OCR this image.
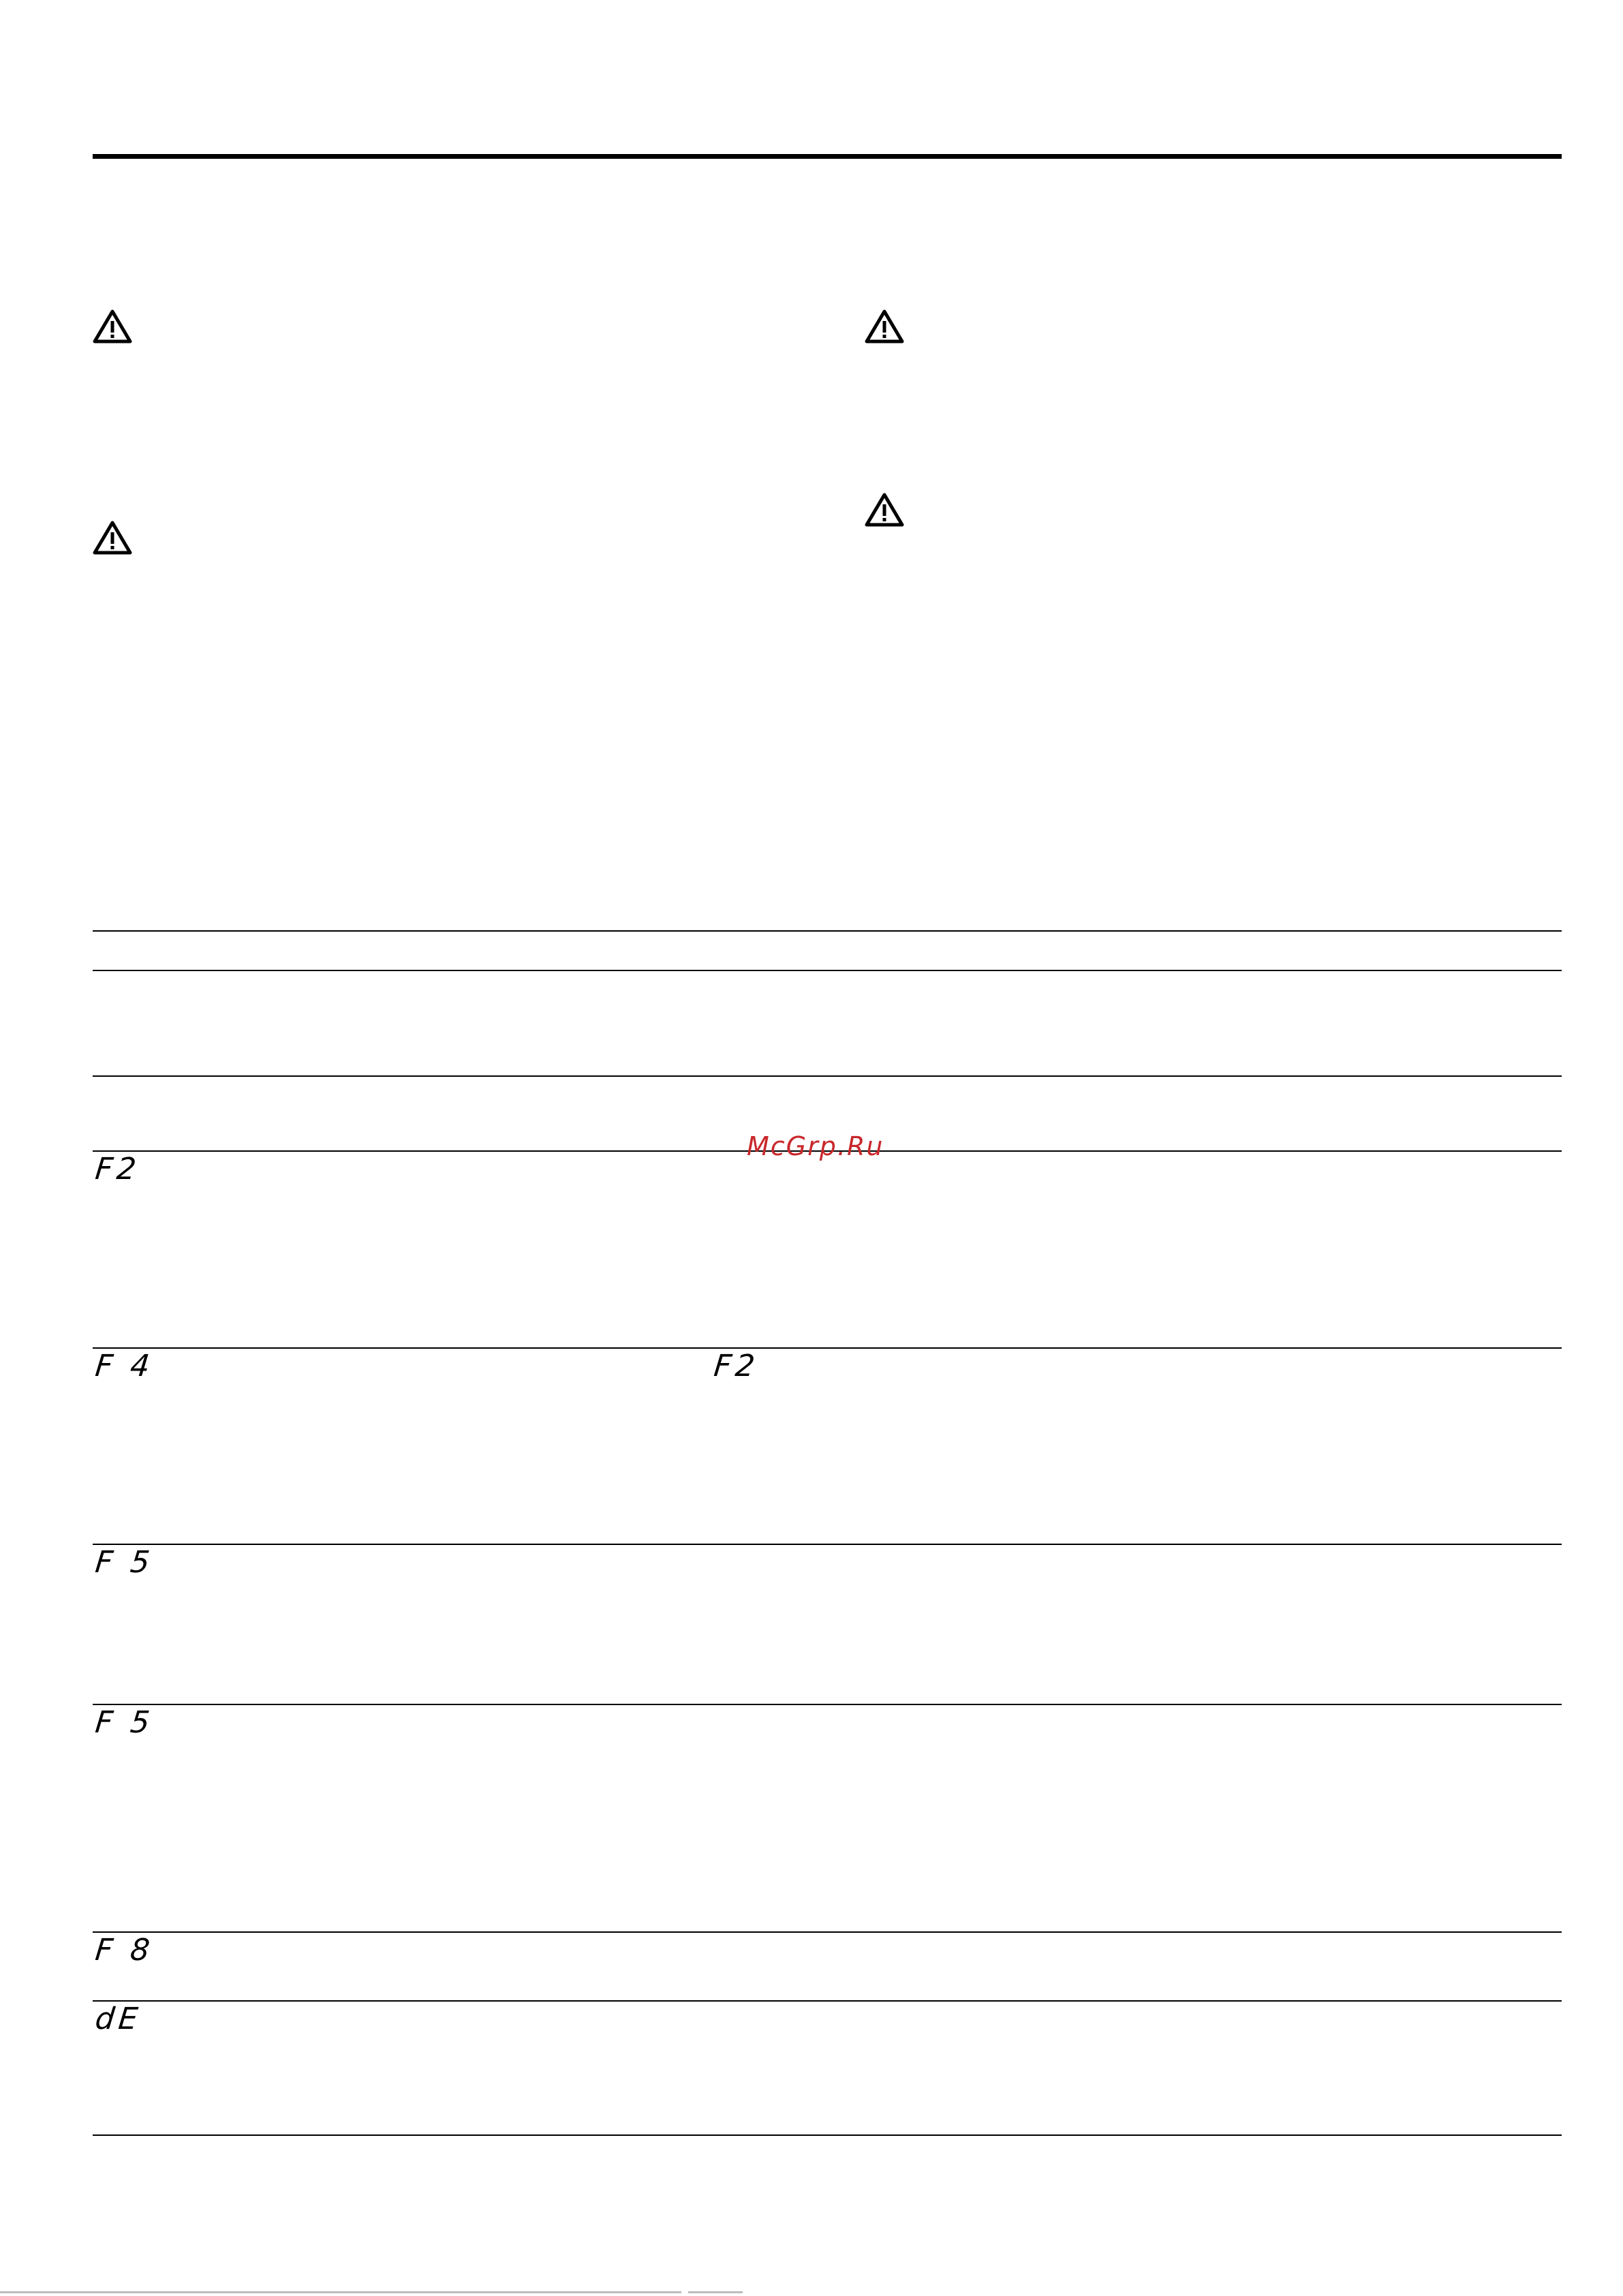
McGrp.Ru
F2
F 4	F2
F 5
F 5
F 8
dE
